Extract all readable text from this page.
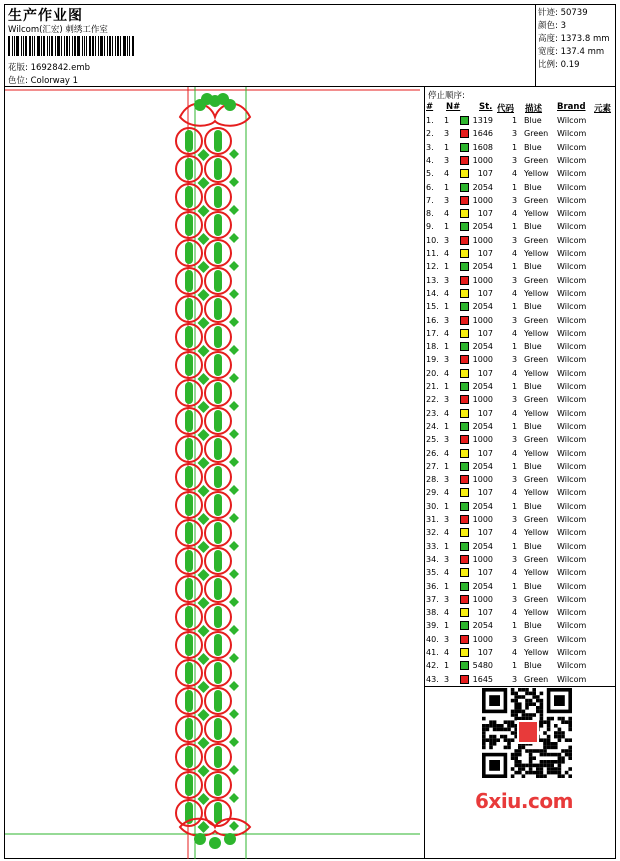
生产作业图
Wilcom(汇宏) 刺绣工作室
花版: 1692842.emb
色位: Colorway 1
针迹: 50739
颜色: 3
高度: 1373.8 mm
宽度: 137.4 mm
比例: 0.19
停止顺序:
# N# St. 代码 描述 Brand 元素
1. 1	1319 1 Blue Wilcom
2. 3	1646 3 Green Wilcom
3. 1	1608 1 Blue Wilcom
4. 3	1000 3 Green Wilcom
5. 4	107 4 Yellow Wilcom
6. 1	2054 1 Blue Wilcom
7. 3	1000 3 Green Wilcom
8. 4	107 4 Yellow Wilcom
9. 1	2054 1 Blue Wilcom
10. 3	1000 3 Green Wilcom
11. 4	107 4 Yellow Wilcom
12. 1	2054 1 Blue Wilcom
13. 3	1000 3 Green Wilcom
14. 4	107 4 Yellow Wilcom
15. 1	2054 1 Blue Wilcom
16. 3	1000 3 Green Wilcom
17. 4	107 4 Yellow Wilcom
18. 1	2054 1 Blue Wilcom
19. 3	1000 3 Green Wilcom
20. 4	107 4 Yellow Wilcom
21. 1	2054 1 Blue Wilcom
22. 3	1000 3 Green Wilcom
23. 4	107 4 Yellow Wilcom
24. 1	2054 1 Blue Wilcom
25. 3	1000 3 Green Wilcom
26. 4	107 4 Yellow Wilcom
27. 1	2054 1 Blue Wilcom
28. 3	1000 3 Green Wilcom
29. 4	107 4 Yellow Wilcom
30. 1	2054 1 Blue Wilcom
31. 3	1000 3 Green Wilcom
32. 4	107 4 Yellow Wilcom
33. 1	2054 1 Blue Wilcom
34. 3	1000 3 Green Wilcom
35. 4	107 4 Yellow Wilcom
36. 1	2054 1 Blue Wilcom
37. 3	1000 3 Green Wilcom
38. 4	107 4 Yellow Wilcom
39. 1	2054 1 Blue Wilcom
40. 3	1000 3 Green Wilcom
41. 4	107 4 Yellow Wilcom
42. 1	5480 1 Blue Wilcom
43. 3	1645 3 Green Wilcom
6xiu.com
